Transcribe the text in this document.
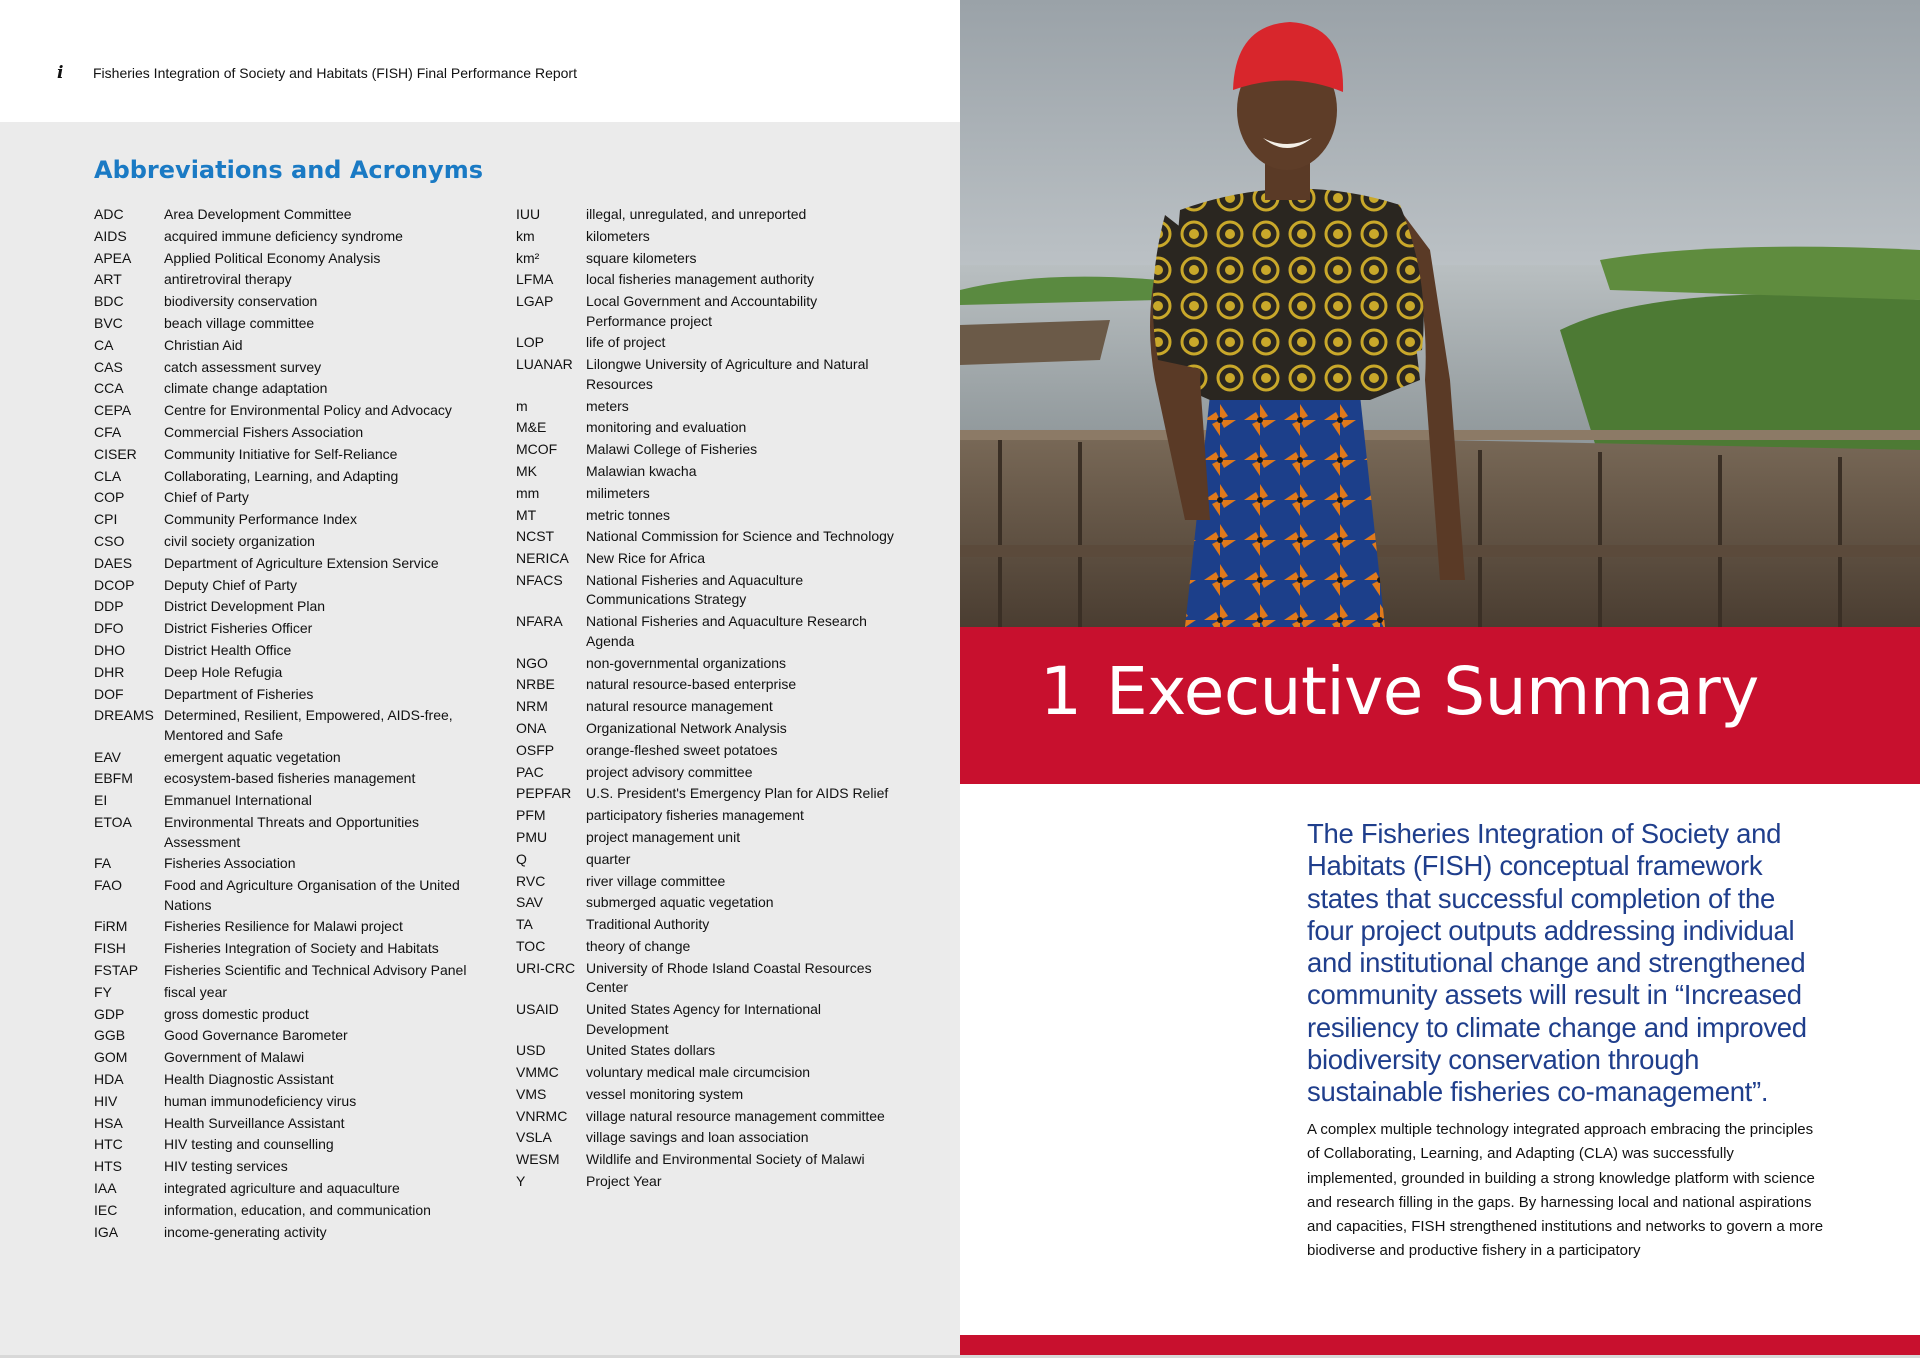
i Fisheries Integration of Society and Habitats (FISH) Final Performance Report
Abbreviations and Acronyms
ADC	Area Development Committee
AIDS	acquired immune deficiency syndrome
APEA	Applied Political Economy Analysis
ART	antiretroviral therapy
BDC	biodiversity conservation
BVC	beach village committee
CA	Christian Aid
CAS	catch assessment survey
CCA	climate change adaptation
CEPA	Centre for Environmental Policy and Advocacy
CFA	Commercial Fishers Association
CISER	Community Initiative for Self-Reliance
CLA	Collaborating, Learning, and Adapting
COP	Chief of Party
CPI	Community Performance Index
CSO	civil society organization
DAES	Department of Agriculture Extension Service
DCOP	Deputy Chief of Party
DDP	District Development Plan
DFO	District Fisheries Officer
DHO	District Health Office
DHR	Deep Hole Refugia
DOF	Department of Fisheries
DREAMS Determined, Resilient, Empowered, AIDS-free, Mentored and Safe
EAV	emergent aquatic vegetation
EBFM	ecosystem-based fisheries management
EI	Emmanuel International
ETOA	Environmental Threats and Opportunities Assessment
FA	Fisheries Association
FAO	Food and Agriculture Organisation of the United Nations
FiRM	Fisheries Resilience for Malawi project
FISH	Fisheries Integration of Society and Habitats
FSTAP	Fisheries Scientific and Technical Advisory Panel
FY	fiscal year
GDP	gross domestic product
GGB	Good Governance Barometer
GOM	Government of Malawi
HDA	Health Diagnostic Assistant
HIV	human immunodeficiency virus
HSA	Health Surveillance Assistant
HTC	HIV testing and counselling
HTS	HIV testing services
IAA	integrated agriculture and aquaculture
IEC	information, education, and communication
IGA	income-generating activity
IUU	illegal, unregulated, and unreported
km	kilometers
km²	square kilometers
LFMA	local fisheries management authority
LGAP	Local Government and Accountability Performance project
LOP	life of project
LUANAR Lilongwe University of Agriculture and Natural Resources
m	meters
M&E	monitoring and evaluation
MCOF	Malawi College of Fisheries
MK	Malawian kwacha
mm	milimeters
MT	metric tonnes
NCST	National Commission for Science and Technology
NERICA	New Rice for Africa
NFACS	National Fisheries and Aquaculture Communications Strategy
NFARA	National Fisheries and Aquaculture Research Agenda
NGO	non-governmental organizations
NRBE	natural resource-based enterprise
NRM	natural resource management
ONA	Organizational Network Analysis
OSFP	orange-fleshed sweet potatoes
PAC	project advisory committee
PEPFAR	U.S. President's Emergency Plan for AIDS Relief
PFM	participatory fisheries management
PMU	project management unit
Q	quarter
RVC	river village committee
SAV	submerged aquatic vegetation
TA	Traditional Authority
TOC	theory of change
URI-CRC University of Rhode Island Coastal Resources Center
USAID	United States Agency for International Development
USD	United States dollars
VMMC	voluntary medical male circumcision
VMS	vessel monitoring system
VNRMC	village natural resource management committee
VSLA	village savings and loan association
WESM	Wildlife and Environmental Society of Malawi
Y	Project Year
1 Executive Summary
The Fisheries Integration of Society and Habitats (FISH) conceptual framework states that successful completion of the four project outputs addressing individual and institutional change and strengthened community assets will result in “Increased resiliency to climate change and improved biodiversity conservation through sustainable fisheries co-management”.
A complex multiple technology integrated approach embracing the principles of Collaborating, Learning, and Adapting (CLA) was successfully implemented, grounded in building a strong knowledge platform with science and research filling in the gaps. By harnessing local and national aspirations and capacities, FISH strengthened institutions and networks to govern a more biodiverse and productive fishery in a participatory
